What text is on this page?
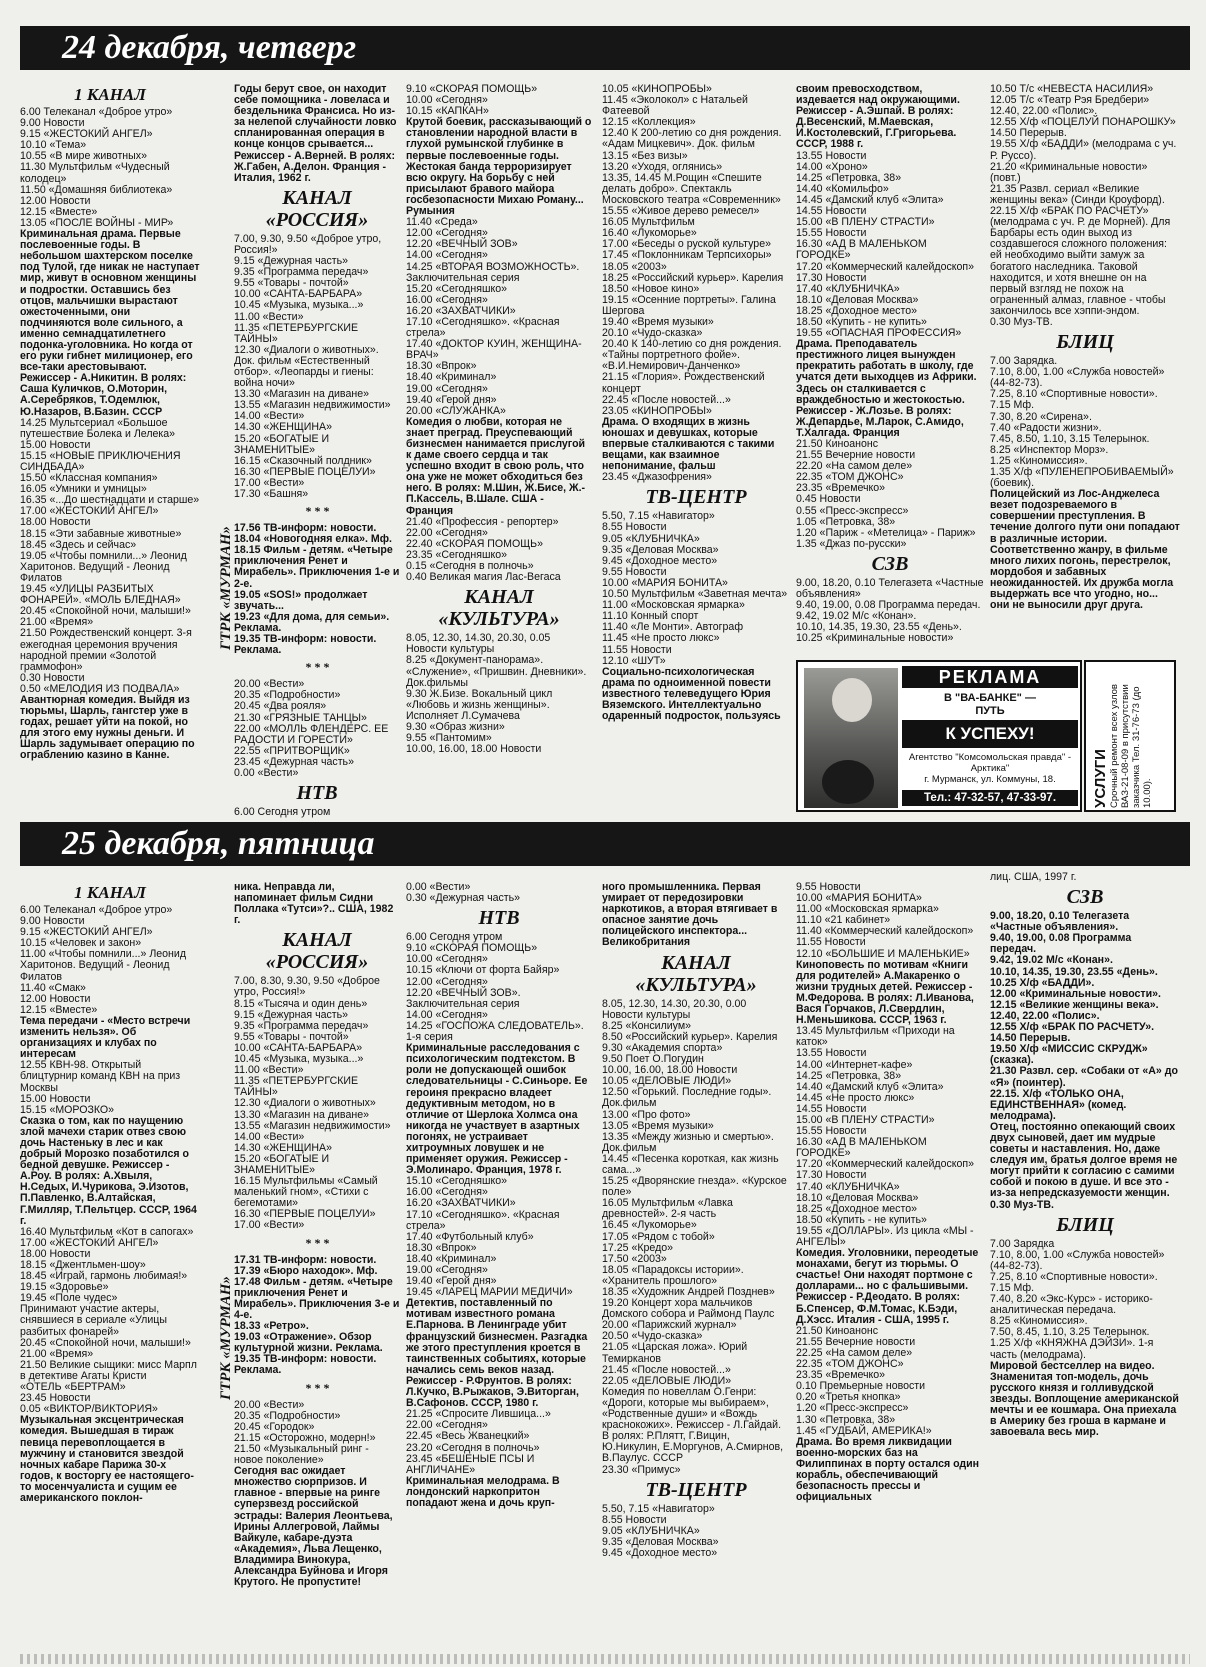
24 декабря, четверг
25 декабря, пятница
1 КАНАЛ
6.00 Телеканал «Доброе утро»
9.00 Новости
9.15 «ЖЕСТОКИЙ АНГЕЛ»
10.10 «Тема»
10.55 «В мире животных»
11.30 Мультфильм «Чудесный колодец»
11.50 «Домашняя библиотека»
12.00 Новости
12.15 «Вместе»
13.05 «ПОСЛЕ ВОЙНЫ - МИР»
Криминальная драма. Первые послевоенные годы. В небольшом шахтерском поселке под Тулой, где никак не наступает мир, живут в основном женщины и подростки. Оставшись без отцов, мальчишки вырастают ожесточенными, они подчиняются воле сильного, а именно семнадцатилетнего подонка-уголовника. Но когда от его руки гибнет милиционер, его все-таки арестовывают. Режиссер - А.Никитин. В ролях: Саша Куличков, О.Моторин, А.Серебряков, Т.Одемлюк, Ю.Назаров, В.Базин. СССР
14.25 Мультсериал «Большое путешествие Болека и Лелека»
15.00 Новости
15.15 «НОВЫЕ ПРИКЛЮЧЕНИЯ СИНДБАДА»
15.50 «Классная компания»
16.05 «Умники и умницы»
16.35 «...До шестнадцати и старше»
17.00 «ЖЕСТОКИЙ АНГЕЛ»
18.00 Новости
18.15 «Эти забавные животные»
18.45 «Здесь и сейчас»
19.05 «Чтобы помнили...» Леонид Харитонов. Ведущий - Леонид Филатов
19.45 «УЛИЦЫ РАЗБИТЫХ ФОНАРЕЙ». «МОЛЬ БЛЕДНАЯ»
20.45 «Спокойной ночи, малыши!»
21.00 «Время»
21.50 Рождественский концерт. 3-я ежегодная церемония вручения народной премии «Золотой граммофон»
0.30 Новости
0.50 «МЕЛОДИЯ ИЗ ПОДВАЛА»
Авантюрная комедия. Выйдя из тюрьмы, Шарль, гангстер уже в годах, решает уйти на покой, но для этого ему нужны деньги. И Шарль задумывает операцию по ограблению казино в Канне.
Годы берут свое, он находит себе помощника - ловеласа и бездельника Франсиса. Но из-за нелепой случайности ловко спланированная операция в конце концов срывается... Режиссер - А.Верней. В ролях: Ж.Габен, А.Делон. Франция - Италия, 1962 г.
КАНАЛ «РОССИЯ»
7.00, 9.30, 9.50 «Доброе утро, Россия!»
9.15 «Дежурная часть»
9.35 «Программа передач»
9.55 «Товары - почтой»
10.00 «САНТА-БАРБАРА»
10.45 «Музыка, музыка...»
11.00 «Вести»
11.35 «ПЕТЕРБУРГСКИЕ ТАЙНЫ»
12.30 «Диалоги о животных». Док. фильм «Естественный отбор». «Леопарды и гиены: война ночи»
13.30 «Магазин на диване»
13.55 «Магазин недвижимости»
14.00 «Вести»
14.30 «ЖЕНЩИНА»
15.20 «БОГАТЫЕ И ЗНАМЕНИТЫЕ»
16.15 «Сказочный полдник»
16.30 «ПЕРВЫЕ ПОЦЕЛУИ»
17.00 «Вести»
17.30 «Башня»
* * *
17.56 ТВ-информ: новости.
18.04 «Новогодняя елка». Мф.
18.15 Фильм - детям. «Четыре приключения Ренет и Мирабель». Приключения 1-е и 2-е.
19.05 «SOS!» продолжает звучать...
19.23 «Для дома, для семьи». Реклама.
19.35 ТВ-информ: новости. Реклама.
* * *
20.00 «Вести»
20.35 «Подробности»
20.45 «Два рояля»
21.30 «ГРЯЗНЫЕ ТАНЦЫ»
22.00 «МОЛЛЬ ФЛЕНДЕРС. ЕЕ РАДОСТИ И ГОРЕСТИ»
22.55 «ПРИТВОРЩИК»
23.45 «Дежурная часть»
0.00 «Вести»
НТВ
6.00 Сегодня утром
9.10 «СКОРАЯ ПОМОЩЬ»
10.00 «Сегодня»
10.15 «КАПКАН»
Крутой боевик, рассказывающий о становлении народной власти в глухой румынской глубинке в первые послевоенные годы. Жестокая банда терроризирует всю округу. На борьбу с ней присылают бравого майора госбезопасности Михаю Роману... Румыния
11.40 «Среда»
12.00 «Сегодня»
12.20 «ВЕЧНЫЙ ЗОВ»
14.00 «Сегодня»
14.25 «ВТОРАЯ ВОЗМОЖНОСТЬ». Заключительная серия
15.20 «Сегодняшко»
16.00 «Сегодня»
16.20 «ЗАХВАТЧИКИ»
17.10 «Сегодняшко». «Красная стрела»
17.40 «ДОКТОР КУИН, ЖЕНЩИНА-ВРАЧ»
18.30 «Впрок»
18.40 «Криминал»
19.00 «Сегодня»
19.40 «Герой дня»
20.00 «СЛУЖАНКА»
Комедия о любви, которая не знает преград. Преуспевающий бизнесмен нанимается прислугой к даме своего сердца и так успешно входит в свою роль, что она уже не может обходиться без него. В ролях: М.Шин, Ж.Бисе, Ж.-П.Кассель, В.Шале. США - Франция
21.40 «Профессия - репортер»
22.00 «Сегодня»
22.40 «СКОРАЯ ПОМОЩЬ»
23.35 «Сегодняшко»
0.15 «Сегодня в полночь»
0.40 Великая магия Лас-Вегаса
КАНАЛ «КУЛЬТУРА»
8.05, 12.30, 14.30, 20.30, 0.05 Новости культуры
8.25 «Документ-панорама». «Служение», «Пришвин. Дневники». Док.фильмы
9.30 Ж.Бизе. Вокальный цикл «Любовь и жизнь женщины». Исполняет Л.Сумачева
9.30 «Образ жизни»
9.55 «Пантомим»
10.00, 16.00, 18.00 Новости
10.05 «КИНОПРОБЫ»
11.45 «Эколокол» с Натальей Фатеевой
12.15 «Коллекция»
12.40 К 200-летию со дня рождения. «Адам Мицкевич». Док. фильм
13.15 «Без визы»
13.20 «Уходя, оглянись»
13.35, 14.45 М.Рощин «Спешите делать добро». Спектакль Московского театра «Современник»
15.55 «Живое дерево ремесел»
16.05 Мультфильм
16.40 «Лукоморье»
17.00 «Беседы о руской культуре»
17.45 «Поклонникам Терпсихоры»
18.05 «2003»
18.25 «Российский курьер». Карелия
18.50 «Новое кино»
19.15 «Осенние портреты». Галина Шергова
19.40 «Время музыки»
20.10 «Чудо-сказка»
20.40 К 140-летию со дня рождения. «Тайны портретного фойе». «В.И.Немирович-Данченко»
21.15 «Глория». Рождественский концерт
22.45 «После новостей...»
23.05 «КИНОПРОБЫ»
Драма. О входящих в жизнь юношах и девушках, которые впервые сталкиваются с такими вещами, как взаимное непонимание, фальш
23.45 «Джазофрения»
ТВ-ЦЕНТР
5.50, 7.15 «Навигатор»
8.55 Новости
9.05 «КЛУБНИЧКА»
9.35 «Деловая Москва»
9.45 «Доходное место»
9.55 Новости
10.00 «МАРИЯ БОНИТА»
10.50 Мультфильм «Заветная мечта»
11.00 «Московская ярмарка»
11.10 Конный спорт
11.40 «Ле Монти». Автограф
11.45 «Не просто люкс»
11.55 Новости
12.10 «ШУТ»
Социально-психологическая драма по одноименной повести известного телеведущего Юрия Вяземского. Интеллектуально одаренный подросток, пользуясь
своим превосходством, издевается над окружающими. Режиссер - А.Эшпай. В ролях: Д.Весенский, М.Маевская, И.Костолевский, Г.Григорьева. СССР, 1988 г.
13.55 Новости
14.00 «Хроно»
14.25 «Петровка, 38»
14.40 «Комильфо»
14.45 «Дамский клуб «Элита»
14.55 Новости
15.00 «В ПЛЕНУ СТРАСТИ»
15.55 Новости
16.30 «АД В МАЛЕНЬКОМ ГОРОДКЕ»
17.20 «Коммерческий калейдоскоп»
17.30 Новости
17.40 «КЛУБНИЧКА»
18.10 «Деловая Москва»
18.25 «Доходное место»
18.50 «Купить - не купить»
19.55 «ОПАСНАЯ ПРОФЕССИЯ»
Драма. Преподаватель престижного лицея вынужден прекратить работать в школу, где учатся дети выходцев из Африки. Здесь он сталкивается с враждебностью и жестокостью. Режиссер - Ж.Лозье. В ролях: Ж.Депардье, М.Ларок, С.Амидо, Т.Халгада. Франция
21.50 Киноанонс
21.55 Вечерние новости
22.20 «На самом деле»
22.35 «ТОМ ДЖОНС»
23.35 «Времечко»
0.45 Новости
0.55 «Пресс-экспресс»
1.05 «Петровка, 38»
1.20 «Париж - «Метелица» - Париж»
1.35 «Джаз по-русски»
СЗВ
9.00, 18.20, 0.10 Телегазета «Частные объявления»
9.40, 19.00, 0.08 Программа передач.
9.42, 19.02 М/с «Конан».
10.10, 14.35, 19.30, 23.55 «День».
10.25 «Криминальные новости»
10.50 Т/с «НЕВЕСТА НАСИЛИЯ»
12.05 Т/с «Театр Рэя Бредбери»
12.40, 22.00 «Полис».
12.55 Х/ф «ПОЦЕЛУЙ ПОНАРОШКУ»
14.50 Перерыв.
19.55 Х/ф «БАДДИ» (мелодрама с уч. Р. Руссо).
21.20 «Криминальные новости» (повт.)
21.35 Развл. сериал «Великие женщины века» (Синди Кроуфорд).
22.15 Х/ф «БРАК ПО РАСЧЕТУ» (мелодрама с уч. Р. де Морней). Для Барбары есть один выход из создавшегося сложного положения: ей необходимо выйти замуж за богатого наследника. Таковой находится, и хотя внешне он на первый взгляд не похож на ограненный алмаз, главное - чтобы закончилось все хэппи-эндом.
0.30 Муз-ТВ.
БЛИЦ
7.00 Зарядка.
7.10, 8.00, 1.00 «Служба новостей» (44-82-73).
7.25, 8.10 «Спортивные новости».
7.15 Мф.
7.30, 8.20 «Сирена».
7.40 «Радости жизни».
7.45, 8.50, 1.10, 3.15 Телерынок.
8.25 «Инспектор Морз».
1.25 «Киномиссия».
1.35 Х/ф «ПУЛЕНЕПРОБИВАЕМЫЙ» (боевик).
Полицейский из Лос-Анджелеса везет подозреваемого в совершении преступления. В течение долгого пути они попадают в различные истории. Соответственно жанру, в фильме много лихих погонь, перестрелок, мордобоя и забавных неожиданностей. Их дружба могла выдержать все что угодно, но... они не выносили друг друга.
1 КАНАЛ
6.00 Телеканал «Доброе утро»
9.00 Новости
9.15 «ЖЕСТОКИЙ АНГЕЛ»
10.15 «Человек и закон»
11.00 «Чтобы помнили...» Леонид Харитонов. Ведущий - Леонид Филатов
11.40 «Смак»
12.00 Новости
12.15 «Вместе»
Тема передачи - «Место встречи изменить нельзя». Об организациях и клубах по интересам
12.55 КВН-98. Открытый блицтурнир команд КВН на приз Москвы
15.00 Новости
15.15 «МОРОЗКО»
Сказка о том, как по наущению злой мачехи старик отвез свою дочь Настеньку в лес и как добрый Морозко позаботился о бедной девушке. Режиссер - А.Роу. В ролях: А.Хвыля, Н.Седых, И.Чурикова, Э.Изотов, П.Павленко, В.Алтайская, Г.Милляр, Т.Пельтцер. СССР, 1964 г.
16.40 Мультфильм «Кот в сапогах»
17.00 «ЖЕСТОКИЙ АНГЕЛ»
18.00 Новости
18.15 «Джентльмен-шоу»
18.45 «Играй, гармонь любимая!»
19.15 «Здоровье»
19.45 «Поле чудес»
Принимают участие актеры, снявшиеся в сериале «Улицы разбитых фонарей»
20.45 «Спокойной ночи, малыши!»
21.00 «Время»
21.50 Великие сыщики: мисс Марпл в детективе Агаты Кристи
«ОТЕЛЬ «БЕРТРАМ»
23.45 Новости
0.05 «ВИКТОР/ВИКТОРИЯ»
Музыкальная эксцентрическая комедия. Вышедшая в тираж певица перевоплощается в мужчину и становится звездой ночных кабаре Парижа 30-х годов, к восторгу ее настоящего-то мосенчуалиста и сущим ее американского поклон-
ника. Неправда ли, напоминает фильм Сидни Поллака «Тутси»?.. США, 1982 г.
КАНАЛ «РОССИЯ»
7.00, 8.30, 9.30, 9.50 «Доброе утро, Россия!»
8.15 «Тысяча и один день»
9.15 «Дежурная часть»
9.35 «Программа передач»
9.55 «Товары - почтой»
10.00 «САНТА-БАРБАРА»
10.45 «Музыка, музыка...»
11.00 «Вести»
11.35 «ПЕТЕРБУРГСКИЕ ТАЙНЫ»
12.30 «Диалоги о животных»
13.30 «Магазин на диване»
13.55 «Магазин недвижимости»
14.00 «Вести»
14.30 «ЖЕНЩИНА»
15.20 «БОГАТЫЕ И ЗНАМЕНИТЫЕ»
16.15 Мультфильмы «Самый маленький гном», «Стихи с бегемотами»
16.30 «ПЕРВЫЕ ПОЦЕЛУИ»
17.00 «Вести»
* * *
17.31 ТВ-информ: новости.
17.39 «Бюро находок». Мф.
17.48 Фильм - детям. «Четыре приключения Ренет и Мирабель». Приключения 3-е и 4-е.
18.33 «Ретро».
19.03 «Отражение». Обзор культурной жизни. Реклама.
19.35 ТВ-информ: новости. Реклама.
* * *
20.00 «Вести»
20.35 «Подробности»
20.45 «Городок»
21.15 «Осторожно, модерн!»
21.50 «Музыкальный ринг - новое поколение»
Сегодня вас ожидает множество сюрпризов. И главное - впервые на ринге суперзвезд российской эстрады: Валерия Леонтьева, Ирины Аллегровой, Лаймы Вайкуле, кабаре-дуэта «Академия», Льва Лещенко, Владимира Винокура, Александра Буйнова и Игоря Крутого. Не пропустите!
0.00 «Вести»
0.30 «Дежурная часть»
НТВ
6.00 Сегодня утром
9.10 «СКОРАЯ ПОМОЩЬ»
10.00 «Сегодня»
10.15 «Ключи от форта Байяр»
12.00 «Сегодня»
12.20 «ВЕЧНЫЙ ЗОВ». Заключительная серия
14.00 «Сегодня»
14.25 «ГОСПОЖА СЛЕДОВАТЕЛЬ». 1-я серия
Криминальные расследования с психологическим подтекстом. В роли не допускающей ошибок следовательницы - С.Синьоре. Ее героиня прекрасно владеет дедуктивным методом, но в отличие от Шерлока Холмса она никогда не участвует в азартных погонях, не устраивает хитроумных ловушек и не применяет оружия. Режиссер - Э.Молинаро. Франция, 1978 г.
15.10 «Сегодняшко»
16.00 «Сегодня»
16.20 «ЗАХВАТЧИКИ»
17.10 «Сегодняшко». «Красная стрела»
17.40 «Футбольный клуб»
18.30 «Впрок»
18.40 «Криминал»
19.00 «Сегодня»
19.40 «Герой дня»
19.45 «ЛАРЕЦ МАРИИ МЕДИЧИ»
Детектив, поставленный по мотивам известного романа Е.Парнова. В Ленинграде убит французский бизнесмен. Разгадка же этого преступления кроется в таинственных событиях, которые начались семь веков назад. Режиссер - Р.Фрунтов. В ролях: Л.Кучко, В.Рыжаков, Э.Виторган, В.Сафонов. СССР, 1980 г.
21.25 «Спросите Лившица...»
22.00 «Сегодня»
22.45 «Весь Жванецкий»
23.20 «Сегодня в полночь»
23.45 «БЕШЕНЫЕ ПСЫ И АНГЛИЧАНЕ»
Криминальная мелодрама. В лондонский наркопритон попадают жена и дочь круп-
ного промышленника. Первая умирает от передозировки наркотиков, а вторая втягивает в опасное занятие дочь полицейского инспектора... Великобритания
КАНАЛ «КУЛЬТУРА»
8.05, 12.30, 14.30, 20.30, 0.00 Новости культуры
8.25 «Консилиум»
8.50 «Российский курьер». Карелия
9.30 «Академия спорта»
9.50 Поет О.Погудин
10.00, 16.00, 18.00 Новости
10.05 «ДЕЛОВЫЕ ЛЮДИ»
12.50 «Горький. Последние годы». Док.фильм
13.00 «Про фото»
13.05 «Время музыки»
13.35 «Между жизнью и смертью». Док.фильм
14.45 «Песенка короткая, как жизнь сама...»
15.25 «Дворянские гнезда». «Курское поле»
16.05 Мультфильм «Лавка древностей». 2-я часть
16.45 «Лукоморье»
17.05 «Рядом с тобой»
17.25 «Кредо»
17.50 «2003»
18.05 «Парадоксы истории». «Хранитель прошлого»
18.35 «Художник Андрей Позднев»
19.20 Концерт хора мальчиков Домского собора и Раймонд Паулс
20.00 «Парижский журнал»
20.50 «Чудо-сказка»
21.05 «Царская ложа». Юрий Темирканов
21.45 «После новостей...»
22.05 «ДЕЛОВЫЕ ЛЮДИ»
Комедия по новеллам О.Генри: «Дороги, которые мы выбираем», «Родственные души» и «Вождь краснокожих». Режиссер - Л.Гайдай. В ролях: Р.Плятт, Г.Вицин, Ю.Никулин, Е.Моргунов, А.Смирнов, В.Паулус. СССР
23.30 «Примус»
ТВ-ЦЕНТР
5.50, 7.15 «Навигатор»
8.55 Новости
9.05 «КЛУБНИЧКА»
9.35 «Деловая Москва»
9.45 «Доходное место»
9.55 Новости
10.00 «МАРИЯ БОНИТА»
11.00 «Московская ярмарка»
11.10 «21 кабинет»
11.40 «Коммерческий калейдоскоп»
11.55 Новости
12.10 «БОЛЬШИЕ И МАЛЕНЬКИЕ»
Киноповесть по мотивам «Книги для родителей» А.Макаренко о жизни трудных детей. Режиссер - М.Федорова. В ролях: Л.Иванова, Вася Горчаков, Л.Свердлин, Н.Меньшикова. СССР, 1963 г.
13.45 Мультфильм «Приходи на каток»
13.55 Новости
14.00 «Интернет-кафе»
14.25 «Петровка, 38»
14.40 «Дамский клуб «Элита»
14.45 «Не просто люкс»
14.55 Новости
15.00 «В ПЛЕНУ СТРАСТИ»
15.55 Новости
16.30 «АД В МАЛЕНЬКОМ ГОРОДКЕ»
17.20 «Коммерческий калейдоскоп»
17.30 Новости
17.40 «КЛУБНИЧКА»
18.10 «Деловая Москва»
18.25 «Доходное место»
18.50 «Купить - не купить»
19.55 «ДОЛЛАРЫ». Из цикла «МЫ - АНГЕЛЫ»
Комедия. Уголовники, переодетые монахами, бегут из тюрьмы. О счастье! Они находят портмоне с долларами... но с фальшивыми. Режиссер - Р.Деодато. В ролях: Б.Спенсер, Ф.М.Томас, К.Бэди, Д.Хэсс. Италия - США, 1995 г.
21.50 Киноанонс
21.55 Вечерние новости
22.25 «На самом деле»
22.35 «ТОМ ДЖОНС»
23.35 «Времечко»
0.10 Премьерные новости
0.20 «Третья кнопка»
1.20 «Пресс-экспресс»
1.30 «Петровка, 38»
1.45 «ГУДБАЙ, АМЕРИКА!»
Драма. Во время ликвидации военно-морских баз на Филиппинах в порту остался один корабль, обеспечивающий безопасность прессы и официальных
лиц. США, 1997 г.
СЗВ
9.00, 18.20, 0.10 Телегазета «Частные объявления».
9.40, 19.00, 0.08 Программа передач.
9.42, 19.02 М/с «Конан».
10.10, 14.35, 19.30, 23.55 «День».
10.25 Х/ф «БАДДИ».
12.00 «Криминальные новости».
12.15 «Великие женщины века».
12.40, 22.00 «Полис».
12.55 Х/ф «БРАК ПО РАСЧЕТУ».
14.50 Перерыв.
19.50 Х/ф «МИССИС СКРУДЖ» (сказка).
21.30 Развл. сер. «Собаки от «А» до «Я» (поинтер).
22.15. Х/ф «ТОЛЬКО ОНА, ЕДИНСТВЕННАЯ» (комед. мелодрама).
Отец, постоянно опекающий своих двух сыновей, дает им мудрые советы и наставления. Но, даже следуя им, братья долгое время не могут прийти к согласию с самими собой и покою в душе. И все это - из-за непредсказуемости женщин.
0.30 Муз-ТВ.
БЛИЦ
7.00 Зарядка
7.10, 8.00, 1.00 «Служба новостей» (44-82-73).
7.25, 8.10 «Спортивные новости».
7.15 Мф.
7.40, 8.20 «Экс-Курс» - историко-аналитическая передача.
8.25 «Киномиссия».
7.50, 8.45, 1.10, 3.25 Телерынок.
1.25 Х/ф «КНЯЖНА ДЭЙЗИ». 1-я часть (мелодрама).
Мировой бестселлер на видео. Знаменитая топ-модель, дочь русского князя и голливудской звезды. Воплощение американской мечты и ее кошмара. Она приехала в Америку без гроша в кармане и завоевала весь мир.
ГТРК «МУРМАН»
ГТРК «МУРМАН»
РЕКЛАМА
В "ВА-БАНКЕ" —
ПУТЬ
К УСПЕХУ!
Агентство "Комсомольская правда" - Арктика"
г. Мурманск, ул. Коммуны, 18.
Тел.: 47-32-57, 47-33-97.	УСЛУГИ Срочный ремонт всех узлов ВАЗ-21-08-09 в присутствии заказчика Тел. 31-76-73 (до 10.00).
